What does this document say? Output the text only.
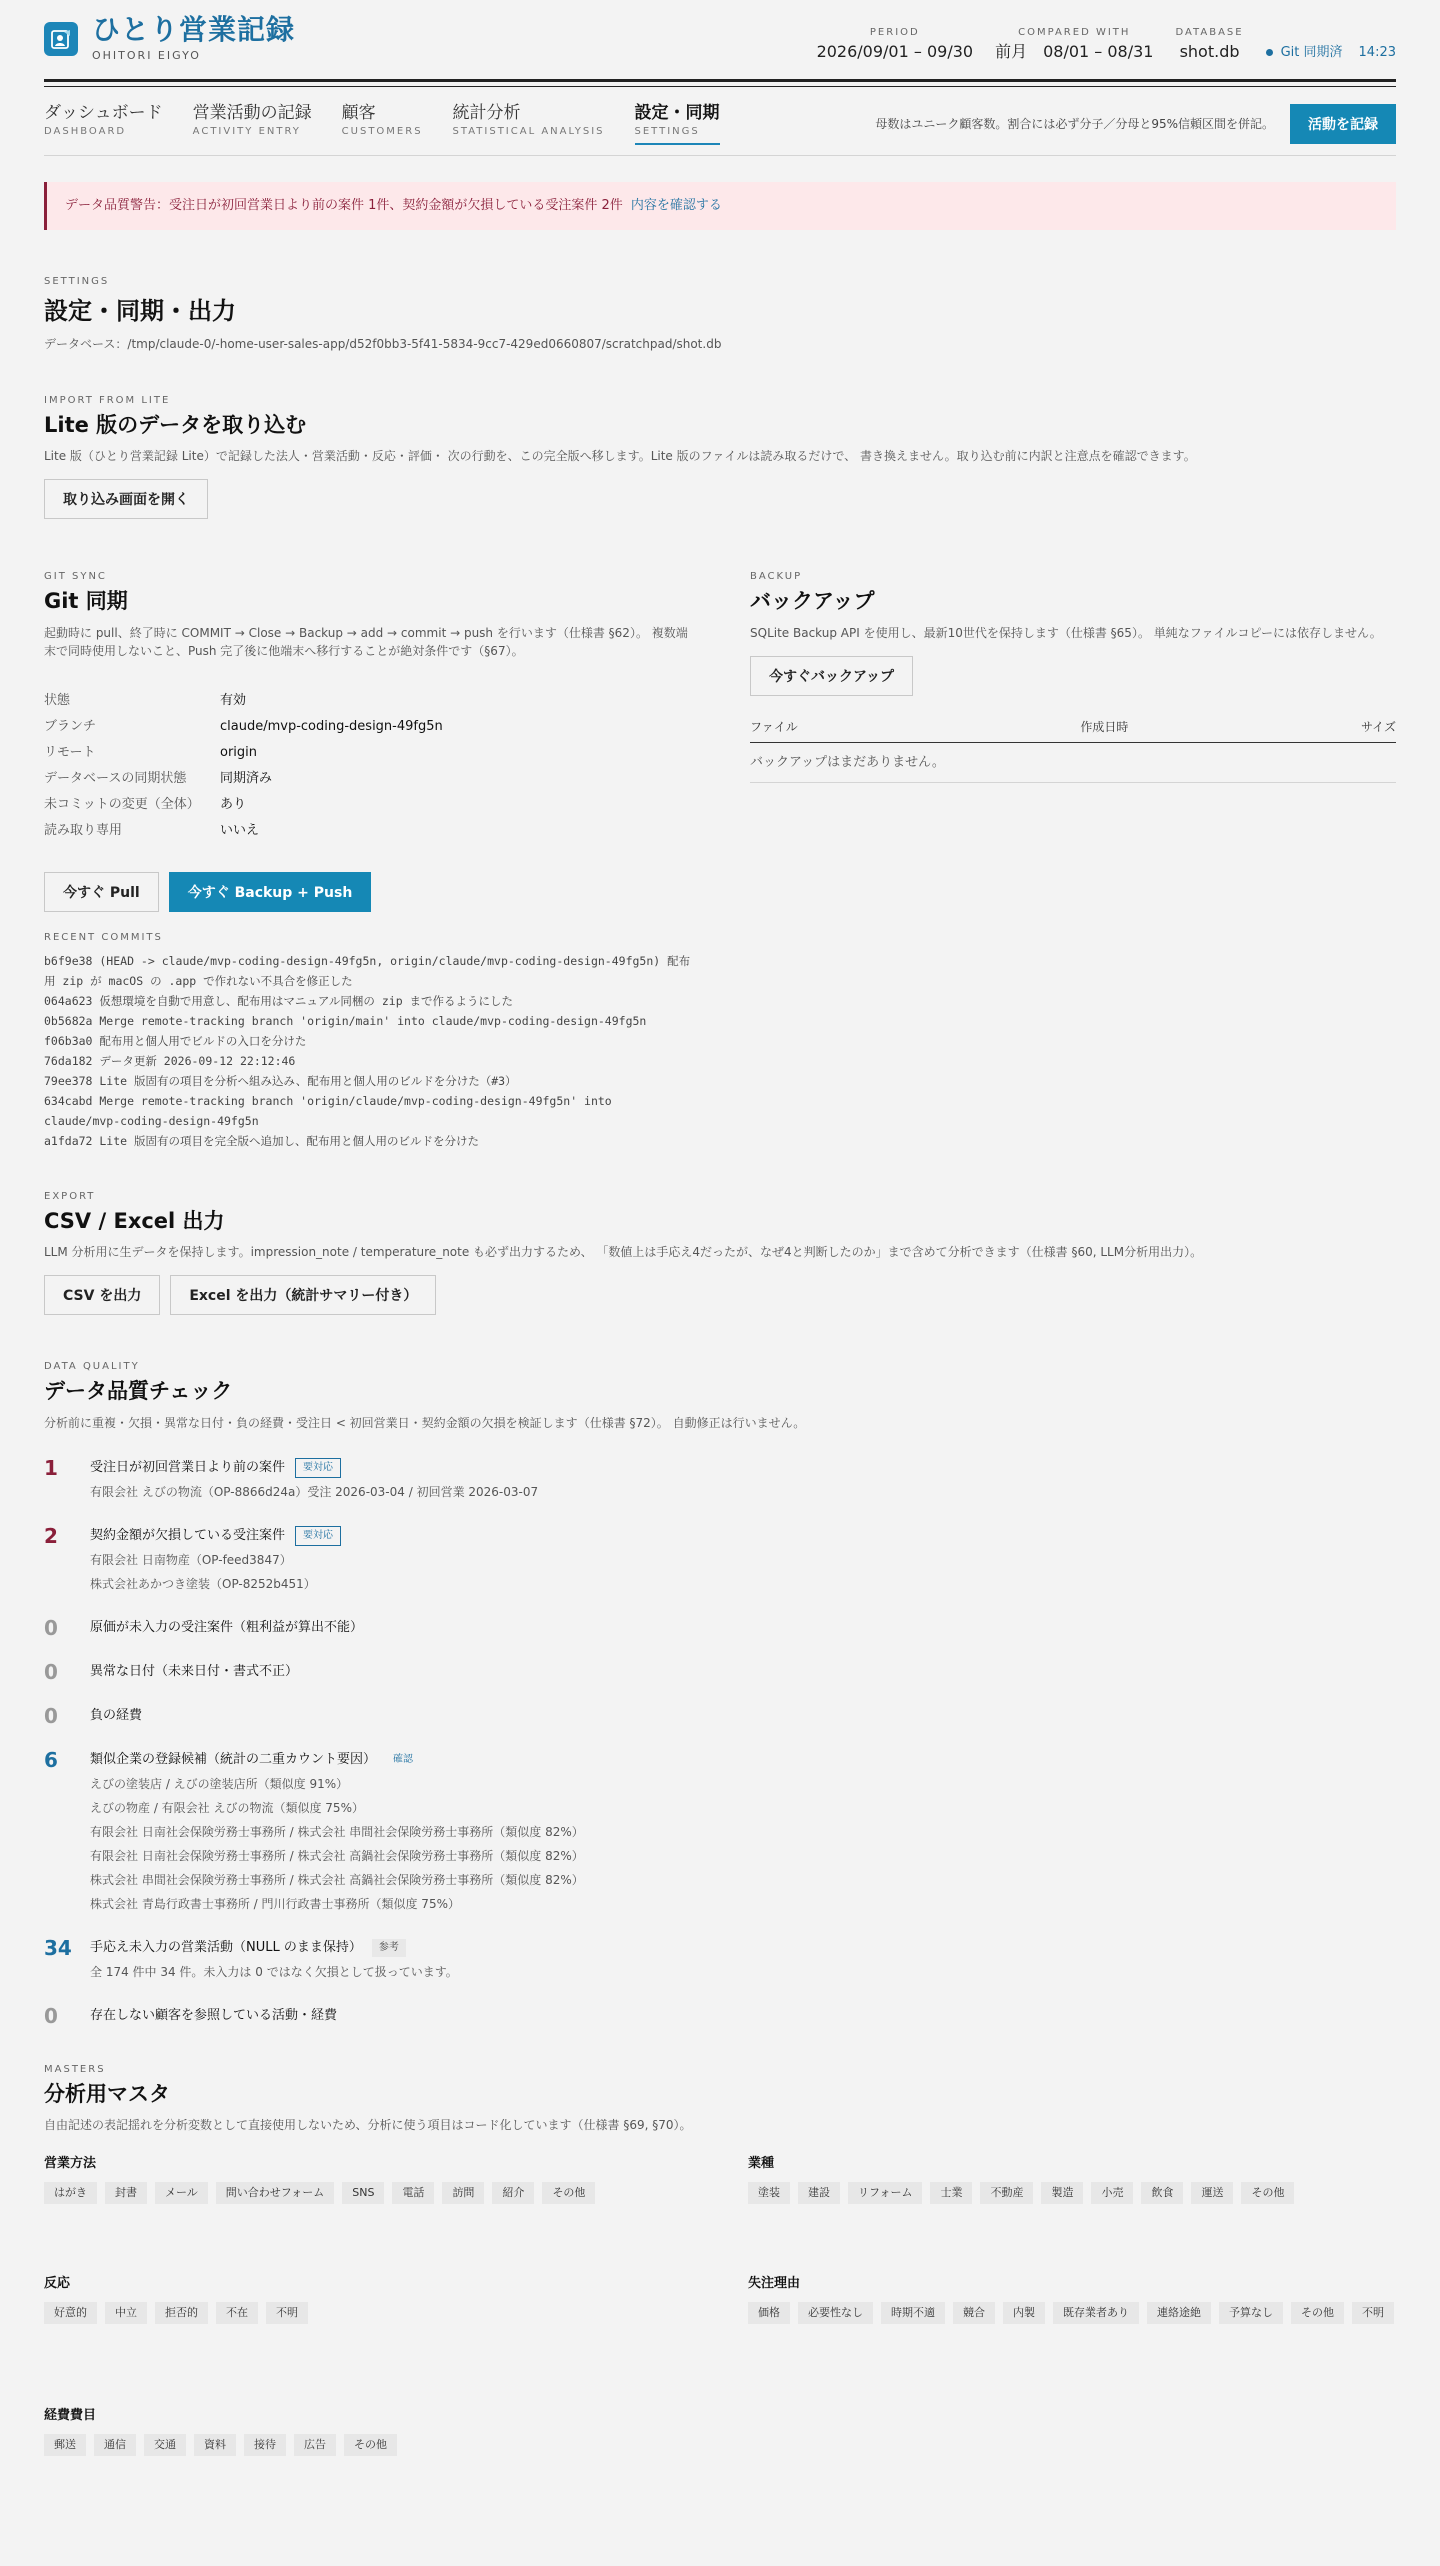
ひとり営業記録
OHITORI EIGYO
PERIOD
2026/09/01 – 09/30
COMPARED WITH
前月 08/01 – 08/31
DATABASE
shot.db	Git 同期済 14:23
ダッシュボード
DASHBOARD
営業活動の記録
ACTIVITY ENTRY
顧客
CUSTOMERS
統計分析
STATISTICAL ANALYSIS
設定・同期
SETTINGS
母数はユニーク顧客数。割合には必ず分子／分母と95%信頼区間を併記。	活動を記録
データ品質警告：受注日が初回営業日より前の案件 1件、契約金額が欠損している受注案件 2件 内容を確認する
SETTINGS
設定・同期・出力
データベース：/tmp/claude-0/-home-user-sales-app/d52f0bb3-5f41-5834-9cc7-429ed0660807/scratchpad/shot.db
IMPORT FROM LITE
Lite 版のデータを取り込む
Lite 版（ひとり営業記録 Lite）で記録した法人・営業活動・反応・評価・ 次の行動を、この完全版へ移します。Lite 版のファイルは読み取るだけで、 書き換えません。取り込む前に内訳と注意点を確認できます。
取り込み画面を開く
GIT SYNC
Git 同期
起動時に pull、終了時に COMMIT → Close → Backup → add → commit → push を行います（仕様書 §62）。 複数端末で同時使用しないこと、Push 完了後に他端末へ移行することが絶対条件です（§67）。
状態	有効
ブランチ	claude/mvp-coding-design-49fg5n
リモート	origin
データベースの同期状態	同期済み
未コミットの変更（全体）	あり
読み取り専用	いいえ
今すぐ Pull	今すぐ Backup + Push
RECENT COMMITS
b6f9e38 (HEAD -> claude/mvp-coding-design-49fg5n, origin/claude/mvp-coding-design-49fg5n) 配布用 zip が macOS の .app で作れない不具合を修正した
064a623 仮想環境を自動で用意し、配布用はマニュアル同梱の zip まで作るようにした
0b5682a Merge remote-tracking branch 'origin/main' into claude/mvp-coding-design-49fg5n
f06b3a0 配布用と個人用でビルドの入口を分けた
76da182 データ更新 2026-09-12 22:12:46
79ee378 Lite 版固有の項目を分析へ組み込み、配布用と個人用のビルドを分けた（#3）
634cabd Merge remote-tracking branch 'origin/claude/mvp-coding-design-49fg5n' into claude/mvp-coding-design-49fg5n
a1fda72 Lite 版固有の項目を完全版へ追加し、配布用と個人用のビルドを分けた
BACKUP
バックアップ
SQLite Backup API を使用し、最新10世代を保持します（仕様書 §65）。 単純なファイルコピーには依存しません。
今すぐバックアップ
ファイル	作成日時	サイズ
バックアップはまだありません。
EXPORT
CSV / Excel 出力
LLM 分析用に生データを保持します。impression_note / temperature_note も必ず出力するため、 「数値上は手応え4だったが、なぜ4と判断したのか」まで含めて分析できます（仕様書 §60, LLM分析用出力）。
CSV を出力	Excel を出力（統計サマリー付き）
DATA QUALITY
データ品質チェック
分析前に重複・欠損・異常な日付・負の経費・受注日 < 初回営業日・契約金額の欠損を検証します（仕様書 §72）。 自動修正は行いません。
1	受注日が初回営業日より前の案件	要対応
有限会社 えびの物流（OP-8866d24a）受注 2026-03-04 / 初回営業 2026-03-07
2	契約金額が欠損している受注案件	要対応
有限会社 日南物産（OP-feed3847）
株式会社あかつき塗装（OP-8252b451）
0	原価が未入力の受注案件（粗利益が算出不能）
0	異常な日付（未来日付・書式不正）
0	負の経費
6	類似企業の登録候補（統計の二重カウント要因）	確認
えびの塗装店 / えびの塗装店所（類似度 91%）
えびの物産 / 有限会社 えびの物流（類似度 75%）
有限会社 日南社会保険労務士事務所 / 株式会社 串間社会保険労務士事務所（類似度 82%）
有限会社 日南社会保険労務士事務所 / 株式会社 高鍋社会保険労務士事務所（類似度 82%）
株式会社 串間社会保険労務士事務所 / 株式会社 高鍋社会保険労務士事務所（類似度 82%）
株式会社 青島行政書士事務所 / 門川行政書士事務所（類似度 75%）
34	手応え未入力の営業活動（NULL のまま保持）	参考
全 174 件中 34 件。未入力は 0 ではなく欠損として扱っています。
0	存在しない顧客を参照している活動・経費
MASTERS
分析用マスタ
自由記述の表記揺れを分析変数として直接使用しないため、分析に使う項目はコード化しています（仕様書 §69, §70）。
営業方法
はがき	封書	メール	問い合わせフォーム	SNS	電話	訪問	紹介	その他
業種
塗装	建設	リフォーム	士業	不動産	製造	小売	飲食	運送	その他
反応
好意的	中立	拒否的	不在	不明
失注理由
価格	必要性なし	時期不適	競合	内製	既存業者あり	連絡途絶	予算なし	その他	不明
経費費目
郵送	通信	交通	資料	接待	広告	その他
